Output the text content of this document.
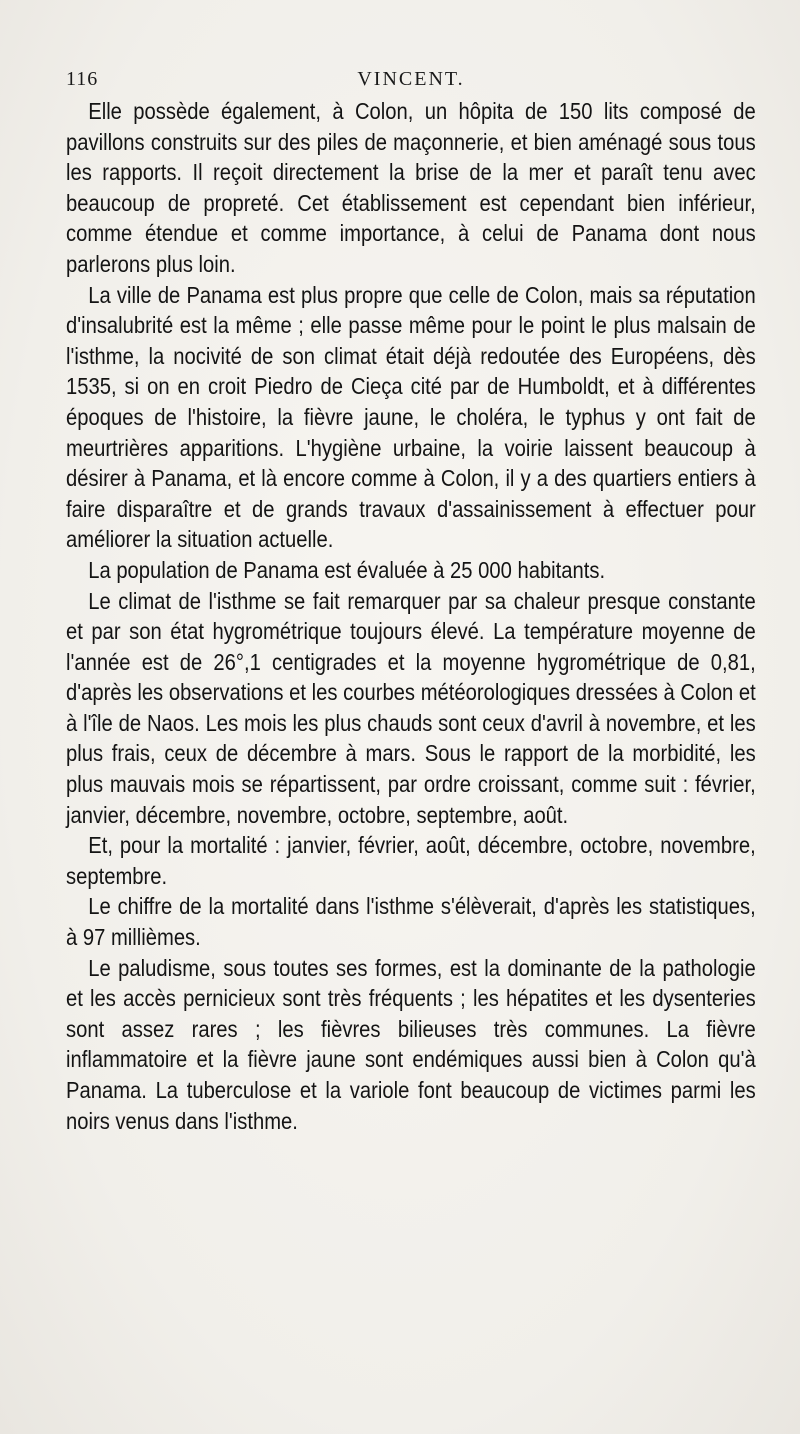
116	VINCENT.

Elle possède également, à Colon, un hôpita de 150 lits composé de pavillons construits sur des piles de maçonnerie, et bien aménagé sous tous les rapports. Il reçoit directement la brise de la mer et paraît tenu avec beaucoup de propreté. Cet établissement est cependant bien inférieur, comme étendue et comme importance, à celui de Panama dont nous parlerons plus loin.

La ville de Panama est plus propre que celle de Colon, mais sa réputation d'insalubrité est la même ; elle passe même pour le point le plus malsain de l'isthme, la nocivité de son climat était déjà redoutée des Européens, dès 1535, si on en croit Piedro de Cieça cité par de Humboldt, et à différentes époques de l'histoire, la fièvre jaune, le choléra, le typhus y ont fait de meurtrières apparitions. L'hygiène urbaine, la voirie laissent beaucoup à désirer à Panama, et là encore comme à Colon, il y a des quartiers entiers à faire disparaître et de grands travaux d'assainissement à effectuer pour améliorer la situation actuelle.

La population de Panama est évaluée à 25 000 habitants.

Le climat de l'isthme se fait remarquer par sa chaleur presque constante et par son état hygrométrique toujours élevé. La température moyenne de l'année est de 26°,1 centigrades et la moyenne hygrométrique de 0,81, d'après les observations et les courbes météorologiques dressées à Colon et à l'île de Naos. Les mois les plus chauds sont ceux d'avril à novembre, et les plus frais, ceux de décembre à mars. Sous le rapport de la morbidité, les plus mauvais mois se répartissent, par ordre croissant, comme suit : février, janvier, décembre, novembre, octobre, septembre, août.

Et, pour la mortalité : janvier, février, août, décembre, octobre, novembre, septembre.

Le chiffre de la mortalité dans l'isthme s'élèverait, d'après les statistiques, à 97 millièmes.

Le paludisme, sous toutes ses formes, est la dominante de la pathologie et les accès pernicieux sont très fréquents ; les hépatites et les dysenteries sont assez rares ; les fièvres bilieuses très communes. La fièvre inflammatoire et la fièvre jaune sont endémiques aussi bien à Colon qu'à Panama. La tuberculose et la variole font beaucoup de victimes parmi les noirs venus dans l'isthme.
